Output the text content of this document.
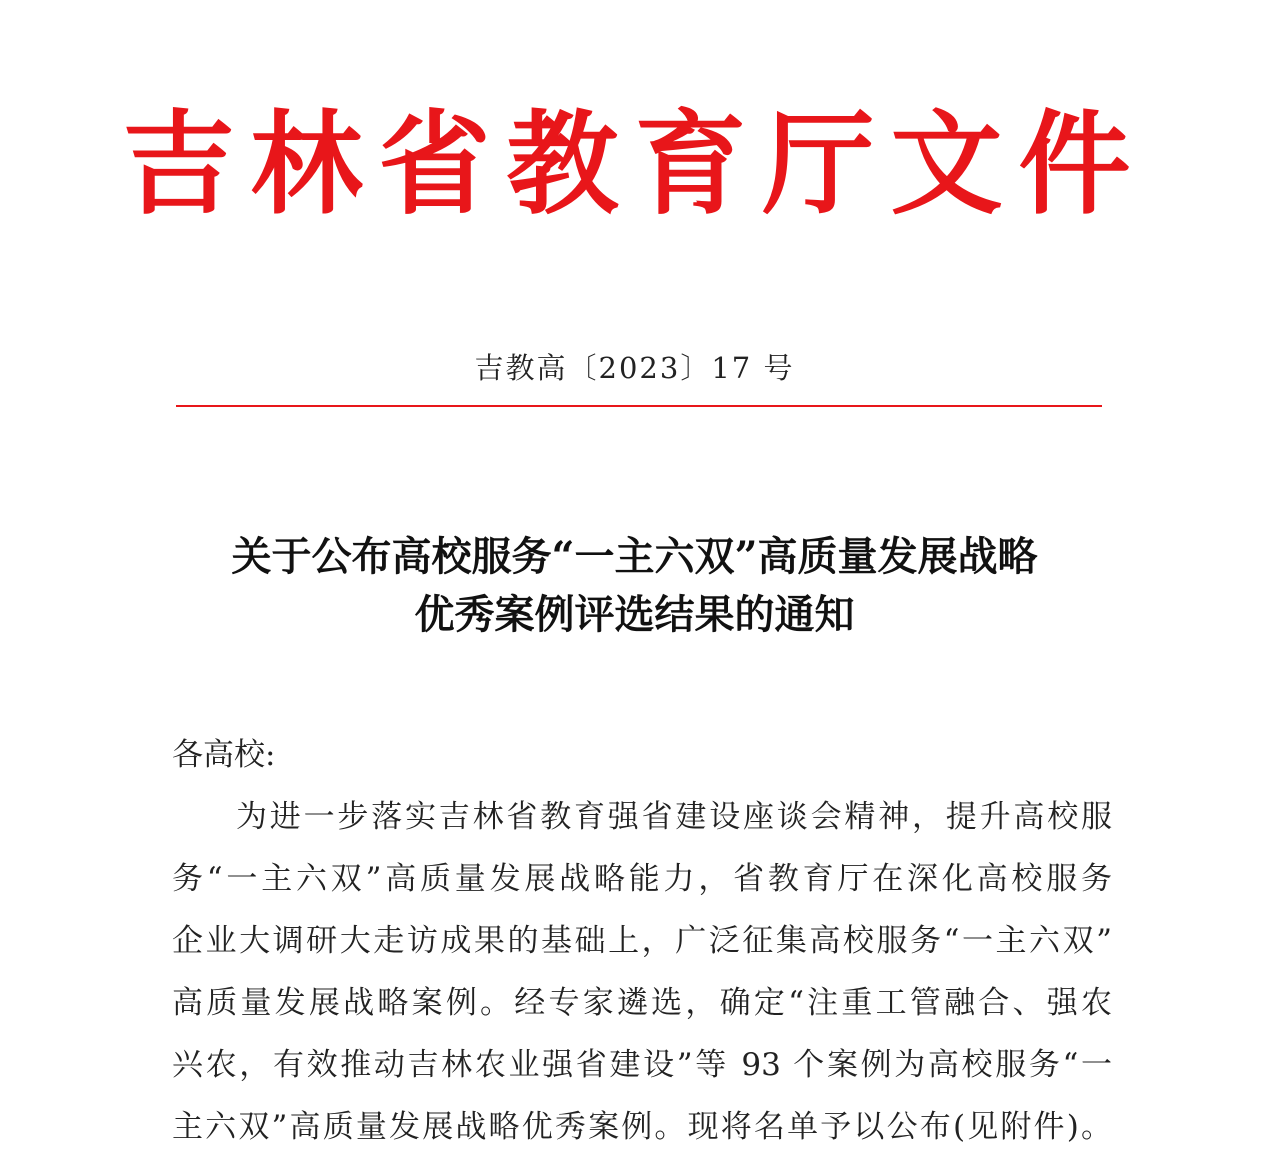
吉林省教育厅文件
吉教高〔2023〕17 号
关于公布高校服务“一主六双”高质量发展战略
优秀案例评选结果的通知
各高校:
为进一步落实吉林省教育强省建设座谈会精神，提升高校服
务“一主六双”高质量发展战略能力，省教育厅在深化高校服务
企业大调研大走访成果的基础上，广泛征集高校服务“一主六双”
高质量发展战略案例。经专家遴选，确定“注重工管融合、强农
兴农，有效推动吉林农业强省建设”等 93 个案例为高校服务“一
主六双”高质量发展战略优秀案例。现将名单予以公布(见附件)。
